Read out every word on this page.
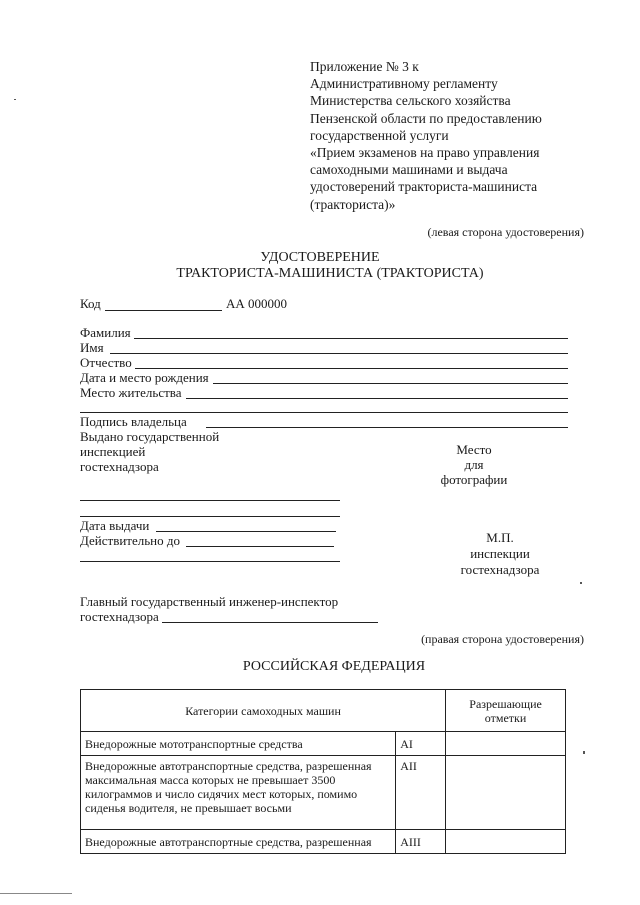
Приложение № 3 к
Административному регламенту
Министерства сельского хозяйства
Пензенской области по предоставлению
государственной услуги
«Прием экзаменов на право управления
самоходными машинами и выдача
удостоверений тракториста-машиниста
(тракториста)»
(левая сторона удостоверения)
УДОСТОВЕРЕНИЕ
ТРАКТОРИСТА-МАШИНИСТА (ТРАКТОРИСТА)
Код	АА 000000
Фамилия
Имя
Отчество
Дата и место рождения
Место жительства
Подпись владельца
Выдано государственной
инспекцией
гостехнадзора
Место
для
фотографии
Дата выдачи
Действительно до	М.П.
инспекции
гостехнадзора
Главный государственный инженер-инспектор
гостехнадзора
(правая сторона удостоверения)
РОССИЙСКАЯ ФЕДЕРАЦИЯ
Категории самоходных машин		Разрешающие отметки
Внедорожные мототранспортные средства	AI	
Внедорожные автотранспортные средства, разрешенная максимальная масса которых не превышает 3500 килограммов и число сидячих мест которых, помимо сиденья водителя, не превышает восьми	AII	
Внедорожные автотранспортные средства, разрешенная	AIII	
